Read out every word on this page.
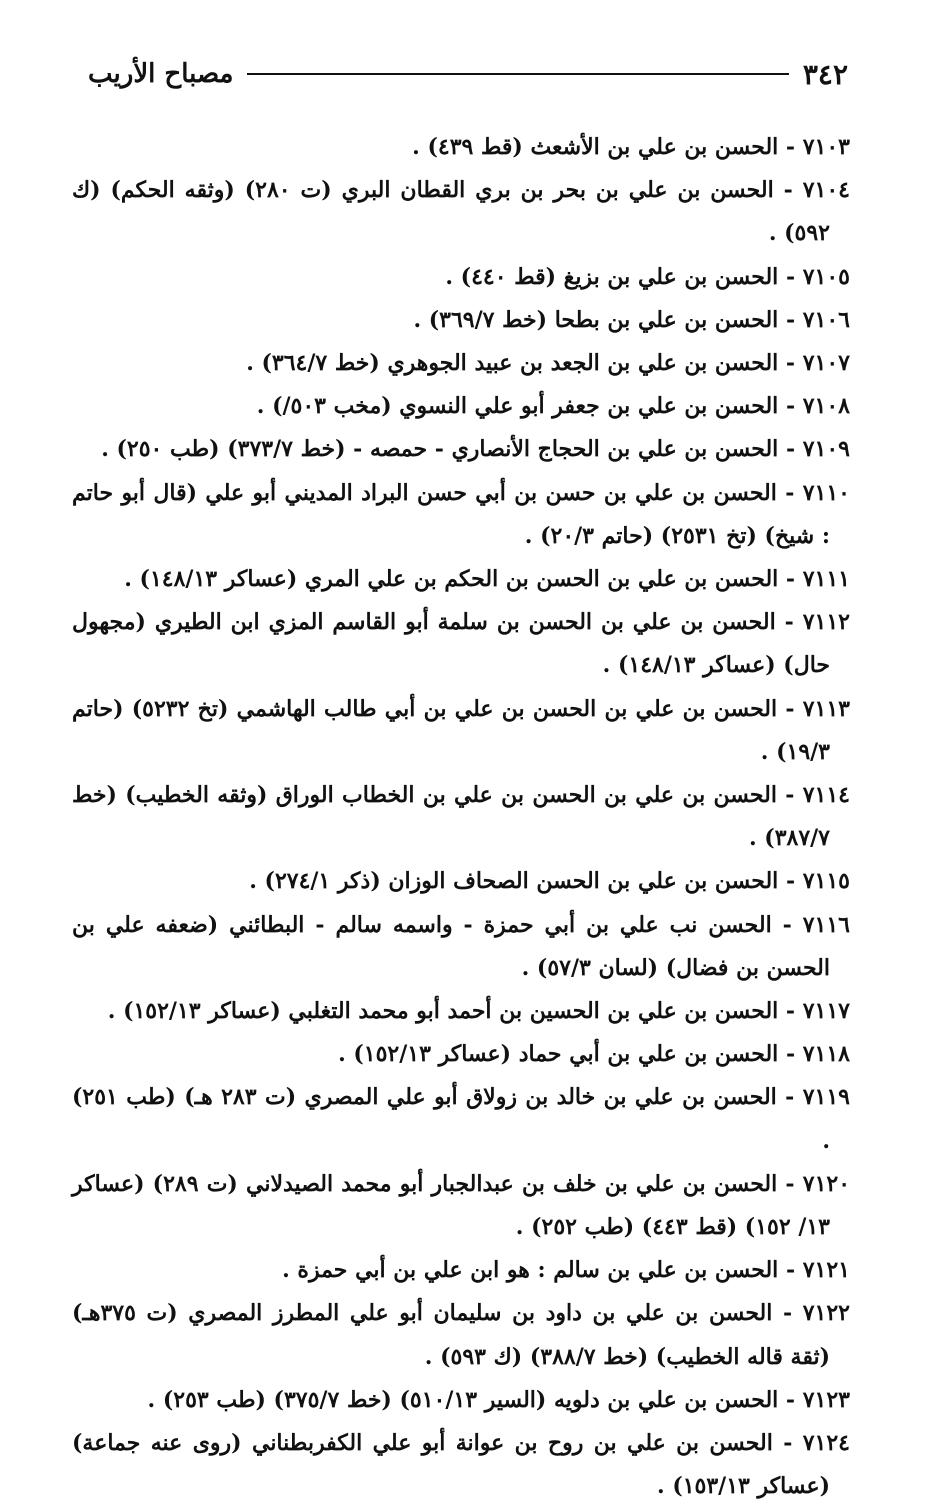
٣٤٢
مصباح الأريب

٧١٠٣ - الحسن بن علي بن الأشعث (قط ٤٣٩) .

٧١٠٤ - الحسن بن علي بن بحر بن بري القطان البري (ت ٢٨٠) (وثقه الحكم) (ك ٥٩٢) .

٧١٠٥ - الحسن بن علي بن بزيغ (قط ٤٤٠) .

٧١٠٦ - الحسن بن علي بن بطحا (خط ٣٦٩/٧) .

٧١٠٧ - الحسن بن علي بن الجعد بن عبيد الجوهري (خط ٣٦٤/٧) .

٧١٠٨ - الحسن بن علي بن جعفر أبو علي النسوي (مخب ٥٠٣/) .

٧١٠٩ - الحسن بن علي بن الحجاج الأنصاري - حمصه - (خط ٣٧٣/٧) (طب ٢٥٠) .

٧١١٠ - الحسن بن علي بن حسن بن أبي حسن البراد المديني أبو علي (قال أبو حاتم : شيخ) (تخ ٢٥٣١) (حاتم ٢٠/٣) .

٧١١١ - الحسن بن علي بن الحسن بن الحكم بن علي المري (عساكر ١٤٨/١٣) .

٧١١٢ - الحسن بن علي بن الحسن بن سلمة أبو القاسم المزي ابن الطيري (مجهول حال) (عساكر ١٤٨/١٣) .

٧١١٣ - الحسن بن علي بن الحسن بن علي بن أبي طالب الهاشمي (تخ ٥٢٣٢) (حاتم ١٩/٣) .

٧١١٤ - الحسن بن علي بن الحسن بن علي بن الخطاب الوراق (وثقه الخطيب) (خط ٣٨٧/٧) .

٧١١٥ - الحسن بن علي بن الحسن الصحاف الوزان (ذكر ٢٧٤/١) .

٧١١٦ - الحسن نب علي بن أبي حمزة - واسمه سالم - البطائني (ضعفه علي بن الحسن بن فضال) (لسان ٥٧/٣) .

٧١١٧ - الحسن بن علي بن الحسين بن أحمد أبو محمد التغلبي (عساكر ١٥٢/١٣) .

٧١١٨ - الحسن بن علي بن أبي حماد (عساكر ١٥٢/١٣) .

٧١١٩ - الحسن بن علي بن خالد بن زولاق أبو علي المصري (ت ٢٨٣ هـ) (طب ٢٥١) .

٧١٢٠ - الحسن بن علي بن خلف بن عبدالجبار أبو محمد الصيدلاني (ت ٢٨٩) (عساكر ١٣/ ١٥٢) (قط ٤٤٣) (طب ٢٥٢) .

٧١٢١ - الحسن بن علي بن سالم : هو ابن علي بن أبي حمزة .

٧١٢٢ - الحسن بن علي بن داود بن سليمان أبو علي المطرز المصري (ت ٣٧٥هـ) (ثقة قاله الخطيب) (خط ٣٨٨/٧) (ك ٥٩٣) .

٧١٢٣ - الحسن بن علي بن دلويه (السير ٥١٠/١٣) (خط ٣٧٥/٧) (طب ٢٥٣) .

٧١٢٤ - الحسن بن علي بن روح بن عوانة أبو علي الكفربطناني (روى عنه جماعة) (عساكر ١٥٣/١٣) .
